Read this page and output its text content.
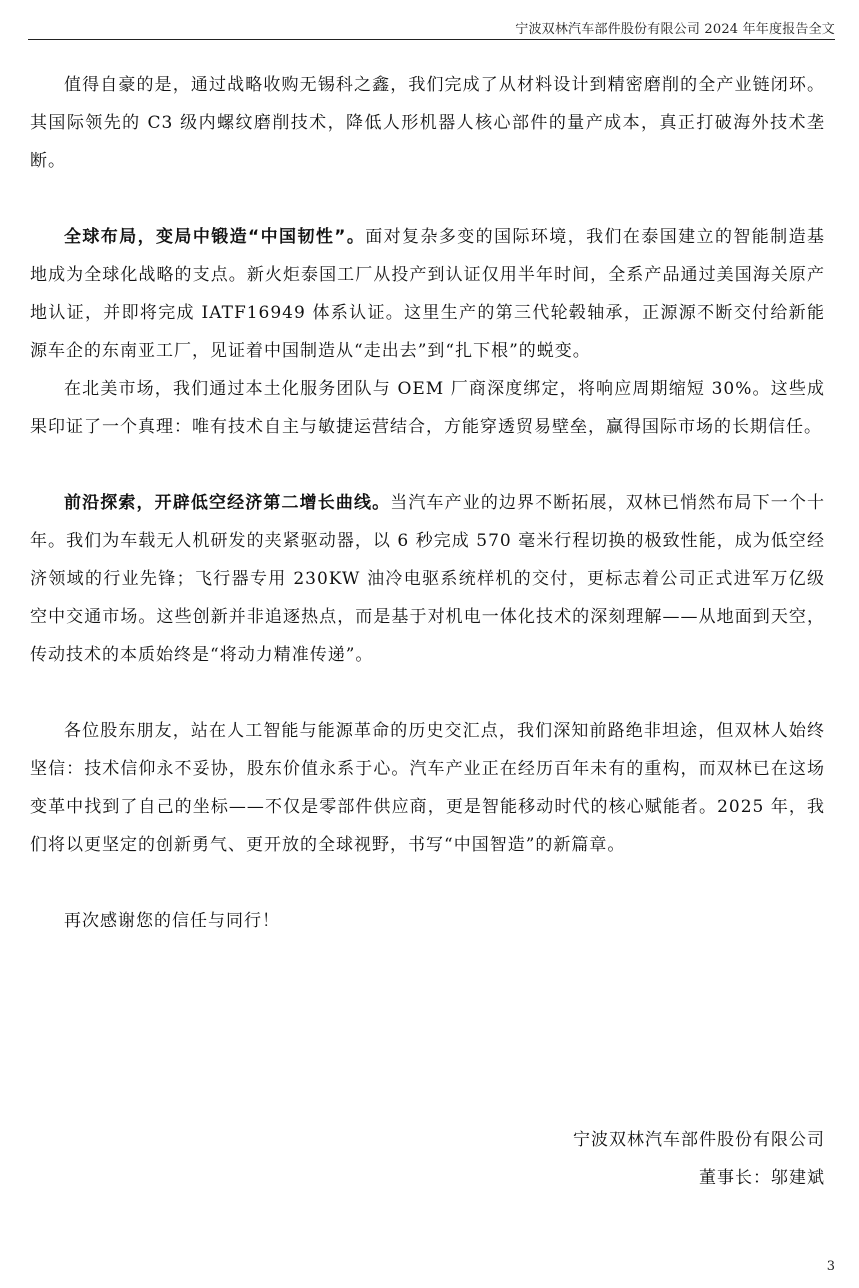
宁波双林汽车部件股份有限公司 2024 年年度报告全文

值得自豪的是，通过战略收购无锡科之鑫，我们完成了从材料设计到精密磨削的全产业链闭环。其国际领先的 C3 级内螺纹磨削技术，降低人形机器人核心部件的量产成本，真正打破海外技术垄断。

全球布局，变局中锻造“中国韧性”。面对复杂多变的国际环境，我们在泰国建立的智能制造基地成为全球化战略的支点。新火炬泰国工厂从投产到认证仅用半年时间，全系产品通过美国海关原产地认证，并即将完成 IATF16949 体系认证。这里生产的第三代轮毂轴承，正源源不断交付给新能源车企的东南亚工厂，见证着中国制造从“走出去”到“扎下根”的蜕变。

在北美市场，我们通过本土化服务团队与 OEM 厂商深度绑定，将响应周期缩短 30%。这些成果印证了一个真理：唯有技术自主与敏捷运营结合，方能穿透贸易壁垒，赢得国际市场的长期信任。

前沿探索，开辟低空经济第二增长曲线。当汽车产业的边界不断拓展，双林已悄然布局下一个十年。我们为车载无人机研发的夹紧驱动器，以 6 秒完成 570 毫米行程切换的极致性能，成为低空经济领域的行业先锋；飞行器专用 230KW 油冷电驱系统样机的交付，更标志着公司正式进军万亿级空中交通市场。这些创新并非追逐热点，而是基于对机电一体化技术的深刻理解——从地面到天空，传动技术的本质始终是“将动力精准传递”。

各位股东朋友，站在人工智能与能源革命的历史交汇点，我们深知前路绝非坦途，但双林人始终坚信：技术信仰永不妥协，股东价值永系于心。汽车产业正在经历百年未有的重构，而双林已在这场变革中找到了自己的坐标——不仅是零部件供应商，更是智能移动时代的核心赋能者。2025 年，我们将以更坚定的创新勇气、更开放的全球视野，书写“中国智造”的新篇章。

再次感谢您的信任与同行！

宁波双林汽车部件股份有限公司
董事长：邬建斌
3
